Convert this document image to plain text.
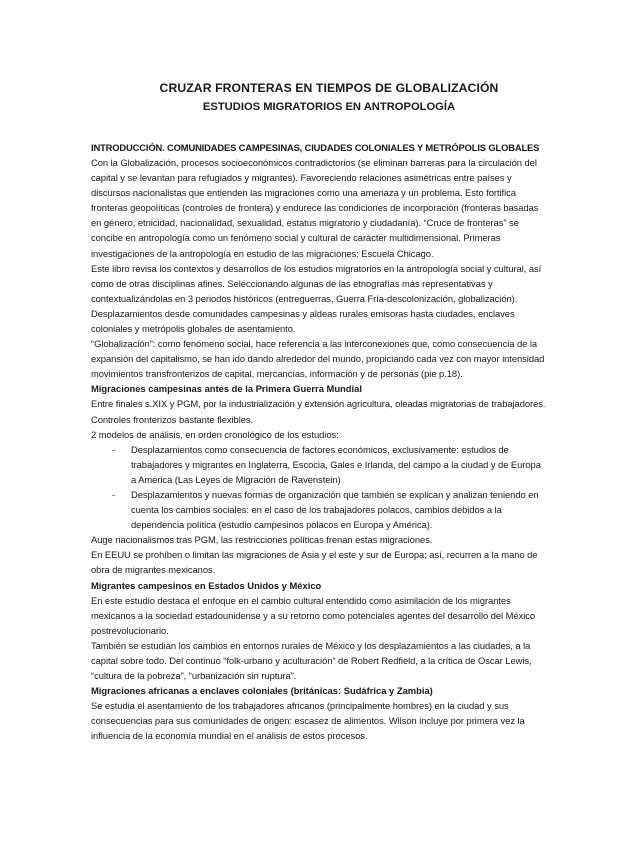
CRUZAR FRONTERAS EN TIEMPOS DE GLOBALIZACIÓN
ESTUDIOS MIGRATORIOS EN ANTROPOLOGÍA
INTRODUCCIÓN. COMUNIDADES CAMPESINAS, CIUDADES COLONIALES Y METRÓPOLIS GLOBALES

Con la Globalización, procesos socioeconómicos contradictorios (se eliminan barreras para la circulación del capital y se levantan para refugiados y migrantes). Favoreciendo relaciones asimétricas entre países y discursos nacionalistas que entienden las migraciones como una amenaza y un problema. Esto fortifica fronteras geopolíticas (controles de frontera) y endurece las condiciones de incorporación (fronteras basadas en género, etnicidad, nacionalidad, sexualidad, estatus migratorio y ciudadanía). “Cruce de fronteras” se concibe en antropología como un fenómeno social y cultural de carácter multidimensional. Primeras investigaciones de la antropología en estudio de las migraciones: Escuela Chicago.

Este libro revisa los contextos y desarrollos de los estudios migratorios en la antropología social y cultural, así como de otras disciplinas afines. Seleccionando algunas de las etnografías más representativas y contextualizándolas en 3 periodos históricos (entreguerras, Guerra Fría-descolonización, globalización). Desplazamientos desde comunidades campesinas y aldeas rurales emisoras hasta ciudades, enclaves coloniales y metrópolis globales de asentamiento.

“Globalización”: como fenómeno social, hace referencia a las interconexiones que, como consecuencia de la expansión del capitalismo, se han ido dando alrededor del mundo, propiciando cada vez con mayor intensidad movimientos transfronterizos de capital, mercancías, información y de personas (pie p.18).

Migraciones campesinas antes de la Primera Guerra Mundial

Entre finales s.XIX y PGM, por la industrialización y extensión agricultura, oleadas migratorias de trabajadores. Controles fronterizos bastante flexibles.

2 modelos de análisis, en orden cronológico de los estudios:

- Desplazamientos como consecuencia de factores económicos, exclusivamente: estudios de trabajadores y migrantes en Inglaterra, Escocia, Gales e Irlanda, del campo a la ciudad y de Europa a América (Las Leyes de Migración de Ravenstein)
- Desplazamientos y nuevas formas de organización que también se explican y analizan teniendo en cuenta los cambios sociales: en el caso de los trabajadores polacos, cambios debidos a la dependencia política (estudio campesinos polacos en Europa y América).

Auge nacionalismos tras PGM, las restricciones políticas frenan estas migraciones.

En EEUU se prohíben o limitan las migraciones de Asia y el este y sur de Europa; así, recurren a la mano de obra de migrantes mexicanos.

Migrantes campesinos en Estados Unidos y México

En este estudio destaca el enfoque en el cambio cultural entendido como asimilación de los migrantes mexicanos a la sociedad estadounidense y a su retorno como potenciales agentes del desarrollo del México postrevolucionario.

También se estudian los cambios en entornos rurales de México y los desplazamientos a las ciudades, a la capital sobre todo. Del continuo “folk-urbano y aculturación” de Robert Redfield, a la crítica de Oscar Lewis, “cultura de la pobreza”, “urbanización sin ruptura”.

Migraciones africanas a enclaves coloniales (británicas: Sudáfrica y Zambia)

Se estudia el asentamiento de los trabajadores africanos (principalmente hombres) en la ciudad y sus consecuencias para sus comunidades de origen: escasez de alimentos. Wilson incluye por primera vez la influencia de la economía mundial en el análisis de estos procesos.
